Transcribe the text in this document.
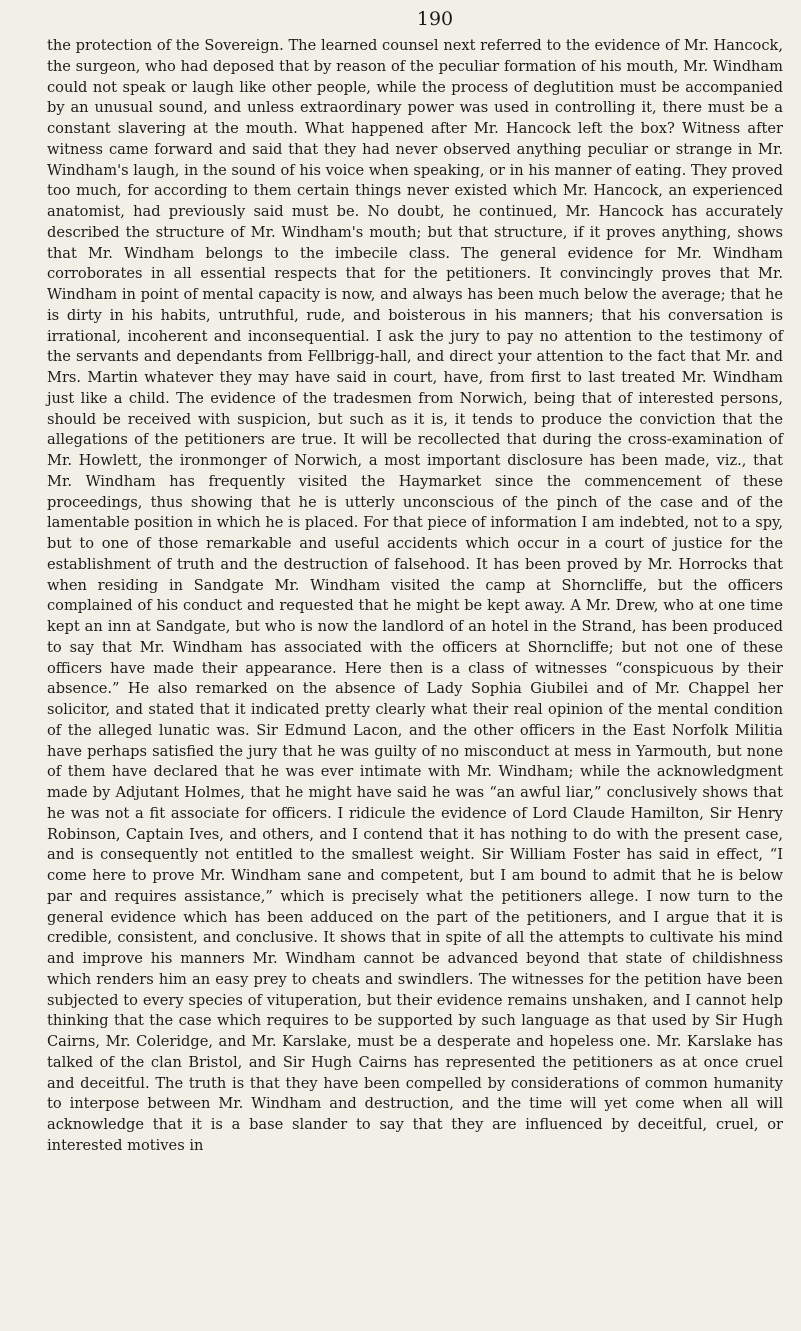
190

the protection of the Sovereign. The learned counsel next referred to the evidence of Mr. Hancock, the surgeon, who had deposed that by reason of the peculiar formation of his mouth, Mr. Windham could not speak or laugh like other people, while the process of deglutition must be accompanied by an unusual sound, and unless extraordinary power was used in controlling it, there must be a constant slavering at the mouth. What happened after Mr. Hancock left the box? Witness after witness came forward and said that they had never observed anything peculiar or strange in Mr. Windham's laugh, in the sound of his voice when speaking, or in his manner of eating. They proved too much, for according to them certain things never existed which Mr. Hancock, an experienced anatomist, had previously said must be. No doubt, he continued, Mr. Hancock has accurately described the structure of Mr. Windham's mouth; but that structure, if it proves anything, shows that Mr. Windham belongs to the imbecile class. The general evidence for Mr. Windham corroborates in all essential respects that for the petitioners. It convincingly proves that Mr. Windham in point of mental capacity is now, and always has been much below the average; that he is dirty in his habits, untruthful, rude, and boisterous in his manners; that his conversation is irrational, incoherent and inconsequential. I ask the jury to pay no attention to the testimony of the servants and dependants from Fellbrigg-hall, and direct your attention to the fact that Mr. and Mrs. Martin whatever they may have said in court, have, from first to last treated Mr. Windham just like a child. The evidence of the tradesmen from Norwich, being that of interested persons, should be received with suspicion, but such as it is, it tends to produce the conviction that the allegations of the petitioners are true. It will be recollected that during the cross-examination of Mr. Howlett, the ironmonger of Norwich, a most important disclosure has been made, viz., that Mr. Windham has frequently visited the Haymarket since the commencement of these proceedings, thus showing that he is utterly unconscious of the pinch of the case and of the lamentable position in which he is placed. For that piece of information I am indebted, not to a spy, but to one of those remarkable and useful accidents which occur in a court of justice for the establishment of truth and the destruction of falsehood. It has been proved by Mr. Horrocks that when residing in Sandgate Mr. Windham visited the camp at Shorncliffe, but the officers complained of his conduct and requested that he might be kept away. A Mr. Drew, who at one time kept an inn at Sandgate, but who is now the landlord of an hotel in the Strand, has been produced to say that Mr. Windham has associated with the officers at Shorncliffe; but not one of these officers have made their appearance. Here then is a class of witnesses “conspicuous by their absence.” He also remarked on the absence of Lady Sophia Giubilei and of Mr. Chappel her solicitor, and stated that it indicated pretty clearly what their real opinion of the mental condition of the alleged lunatic was. Sir Edmund Lacon, and the other officers in the East Norfolk Militia have perhaps satisfied the jury that he was guilty of no misconduct at mess in Yarmouth, but none of them have declared that he was ever intimate with Mr. Windham; while the acknowledgment made by Adjutant Holmes, that he might have said he was “an awful liar,” conclusively shows that he was not a fit associate for officers. I ridicule the evidence of Lord Claude Hamilton, Sir Henry Robinson, Captain Ives, and others, and I contend that it has nothing to do with the present case, and is consequently not entitled to the smallest weight. Sir William Foster has said in effect, “I come here to prove Mr. Windham sane and competent, but I am bound to admit that he is below par and requires assistance,” which is precisely what the petitioners allege. I now turn to the general evidence which has been adduced on the part of the petitioners, and I argue that it is credible, consistent, and conclusive. It shows that in spite of all the attempts to cultivate his mind and improve his manners Mr. Windham cannot be advanced beyond that state of childishness which renders him an easy prey to cheats and swindlers. The witnesses for the petition have been subjected to every species of vituperation, but their evidence remains unshaken, and I cannot help thinking that the case which requires to be supported by such language as that used by Sir Hugh Cairns, Mr. Coleridge, and Mr. Karslake, must be a desperate and hopeless one. Mr. Karslake has talked of the clan Bristol, and Sir Hugh Cairns has represented the petitioners as at once cruel and deceitful. The truth is that they have been compelled by considerations of common humanity to interpose between Mr. Windham and destruction, and the time will yet come when all will acknowledge that it is a base slander to say that they are influenced by deceitful, cruel, or interested motives in
